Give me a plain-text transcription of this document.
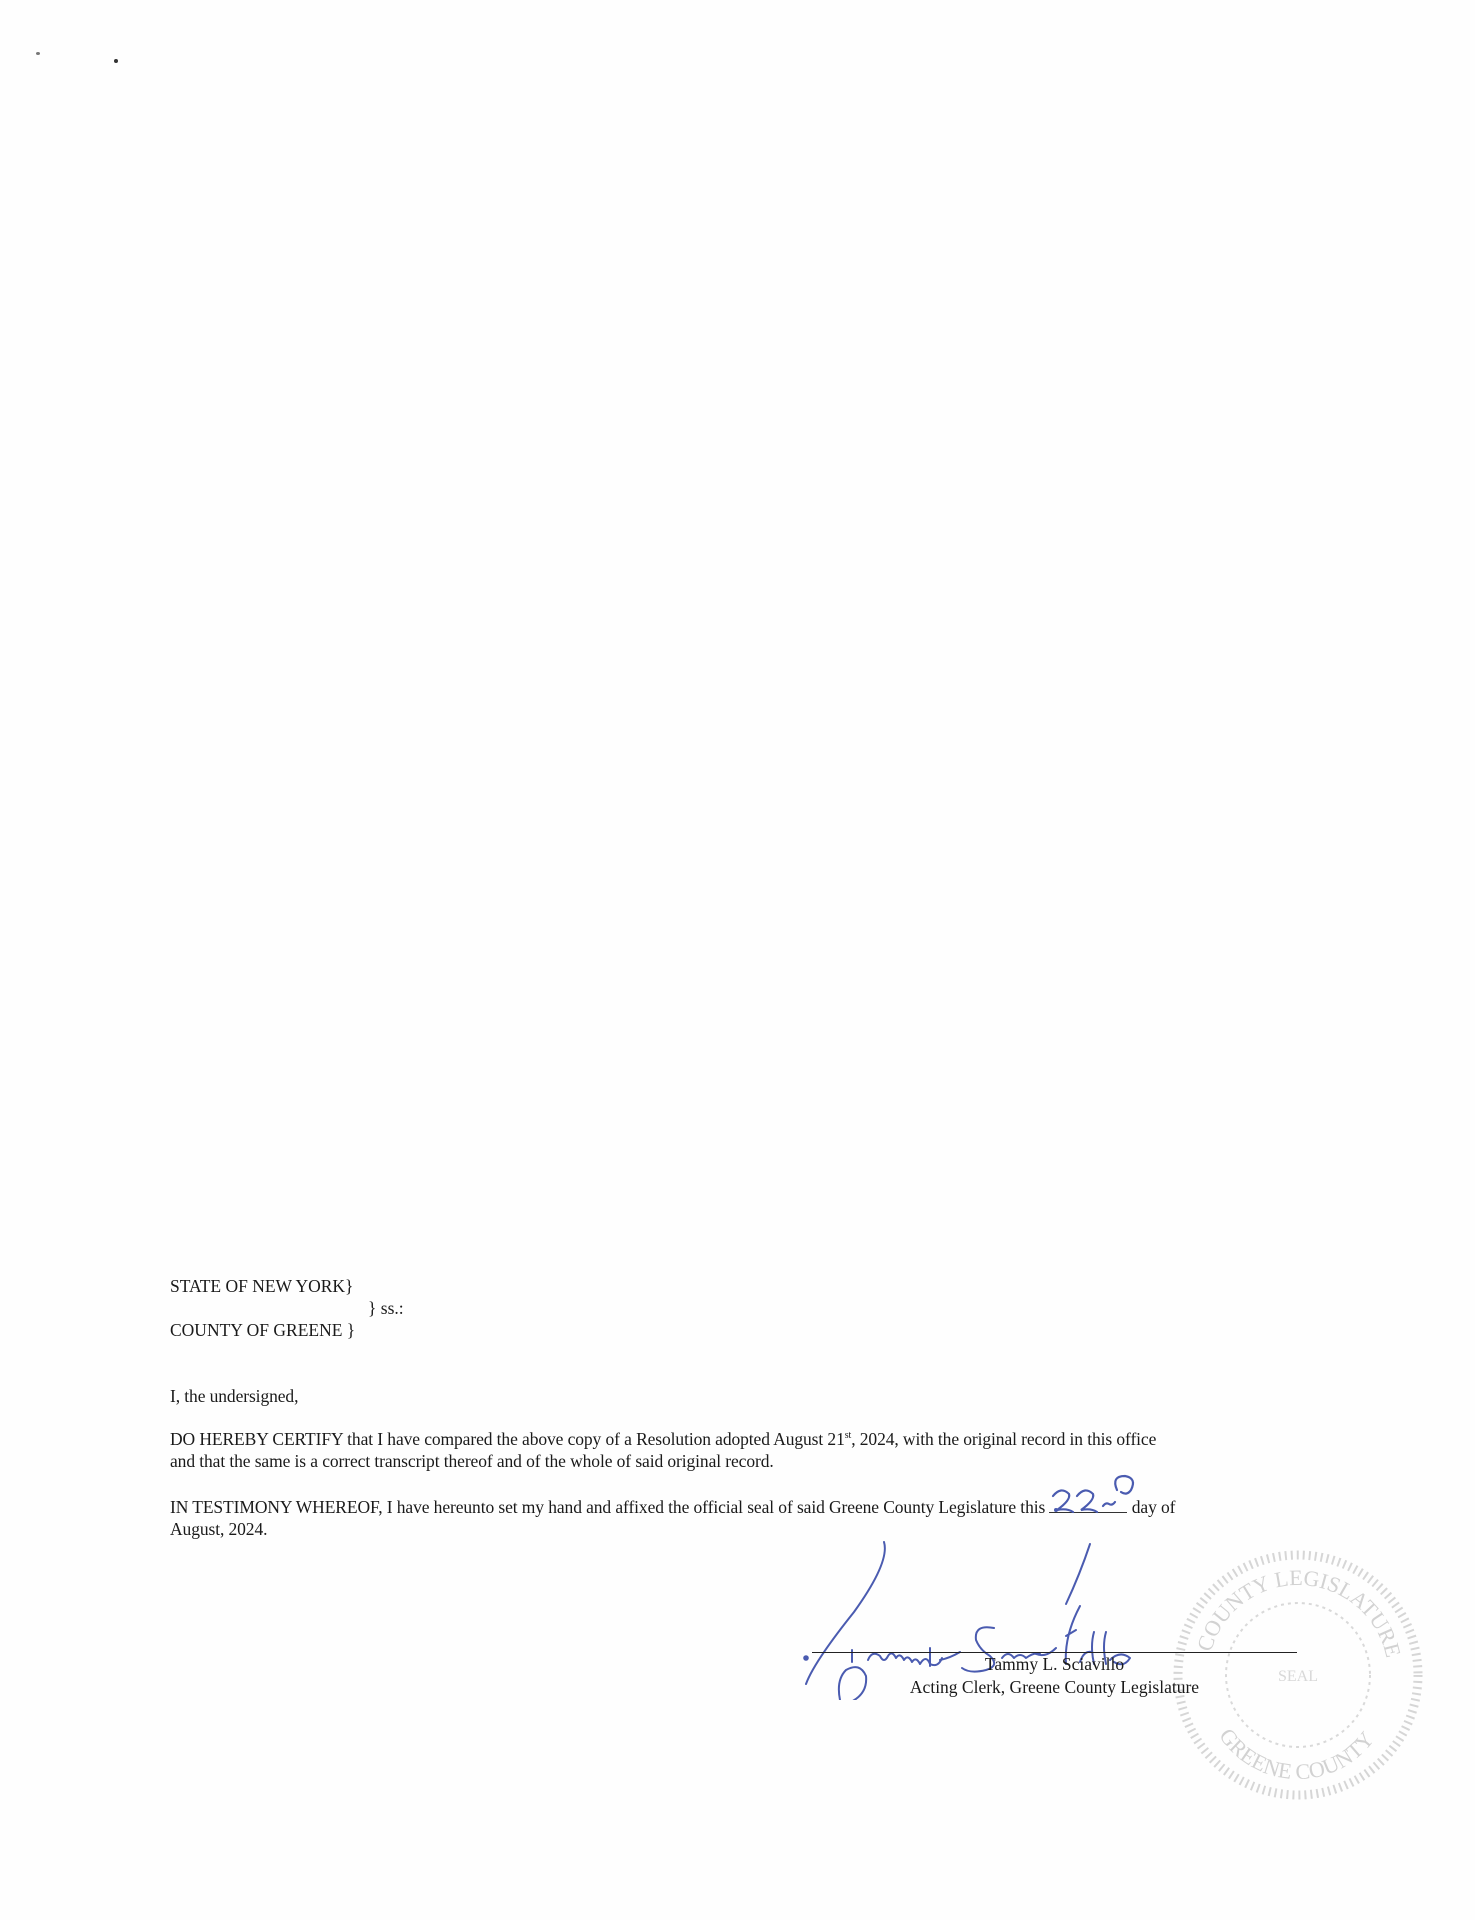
STATE OF NEW YORK}
} ss.:
COUNTY OF GREENE }
I, the undersigned,
DO HEREBY CERTIFY that I have compared the above copy of a Resolution adopted August 21st, 2024, with the original record in this office
and that the same is a correct transcript thereof and of the whole of said original record.
IN TESTIMONY WHEREOF, I have hereunto set my hand and affixed the official seal of said Greene County Legislature this	day of
August, 2024.
COUNTY LEGISLATURE
GREENE COUNTY
SEAL
Tammy L. Sciavillo
Acting Clerk, Greene County Legislature
